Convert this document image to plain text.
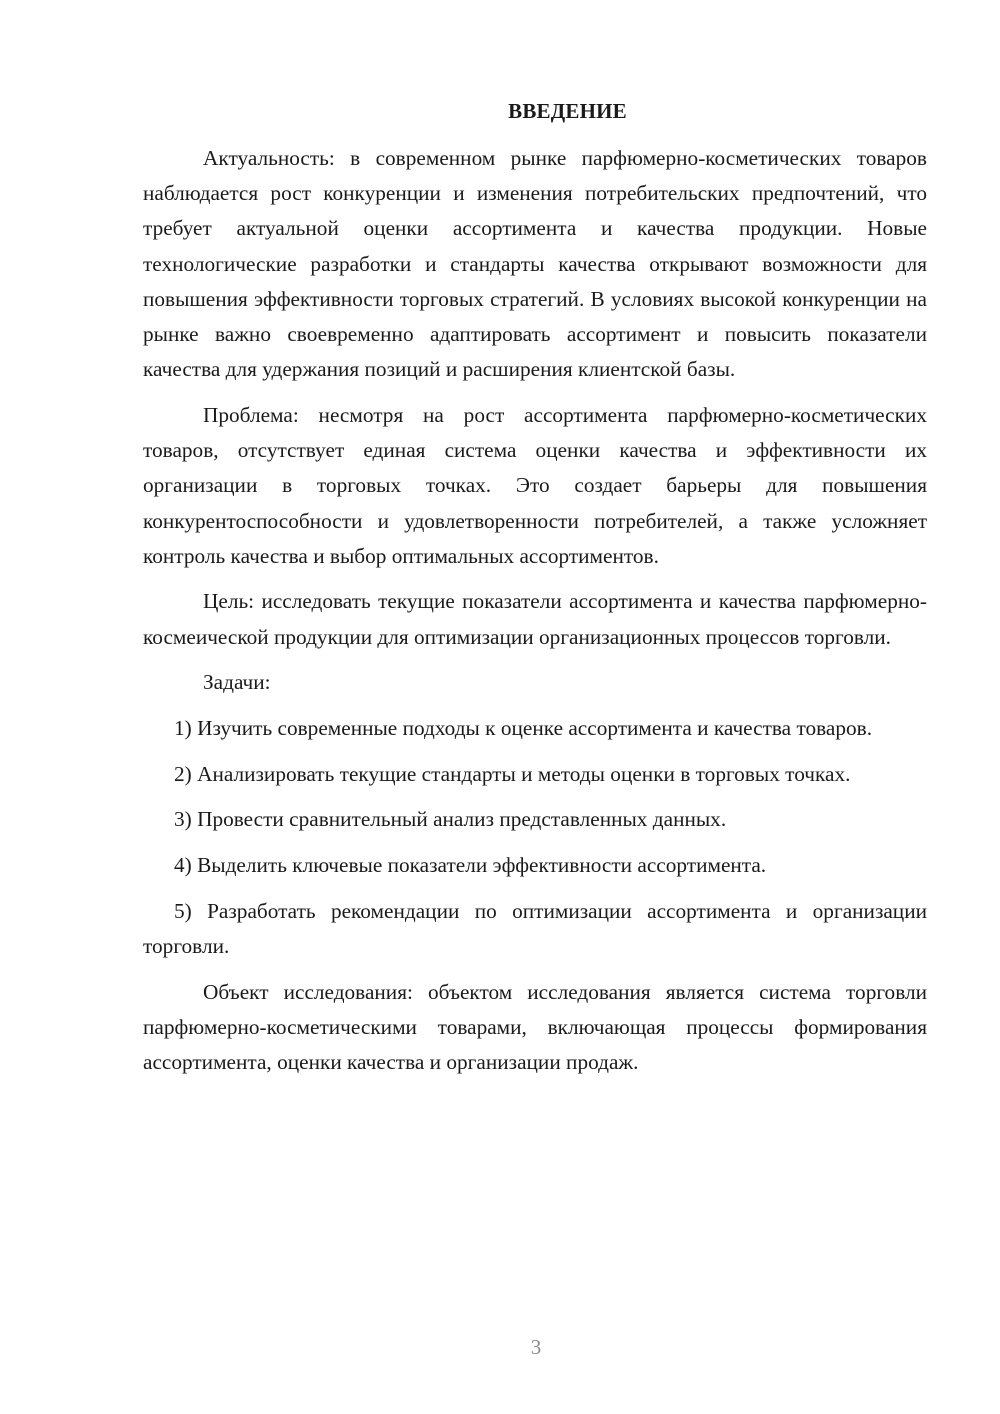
ВВЕДЕНИЕ

Актуальность: в современном рынке парфюмерно-косметических товаров наблюдается рост конкуренции и изменения потребительских предпочтений, что требует актуальной оценки ассортимента и качества продукции. Новые технологические разработки и стандарты качества открывают возможности для повышения эффективности торговых стратегий. В условиях высокой конкуренции на рынке важно своевременно адаптировать ассортимент и повысить показатели качества для удержания позиций и расширения клиентской базы.

Проблема: несмотря на рост ассортимента парфюмерно-косметических товаров, отсутствует единая система оценки качества и эффективности их организации в торговых точках. Это создает барьеры для повышения конкурентоспособности и удовлетворенности потребителей, а также усложняет контроль качества и выбор оптимальных ассортиментов.

Цель: исследовать текущие показатели ассортимента и качества парфюмерно-космеической продукции для оптимизации организационных процессов торговли.

Задачи:

1) Изучить современные подходы к оценке ассортимента и качества товаров.

2) Анализировать текущие стандарты и методы оценки в торговых точках.

3) Провести сравнительный анализ представленных данных.

4) Выделить ключевые показатели эффективности ассортимента.

5) Разработать рекомендации по оптимизации ассортимента и организации торговли.

Объект исследования: объектом исследования является система торговли парфюмерно-косметическими товарами, включающая процессы формирования ассортимента, оценки качества и организации продаж.

3
